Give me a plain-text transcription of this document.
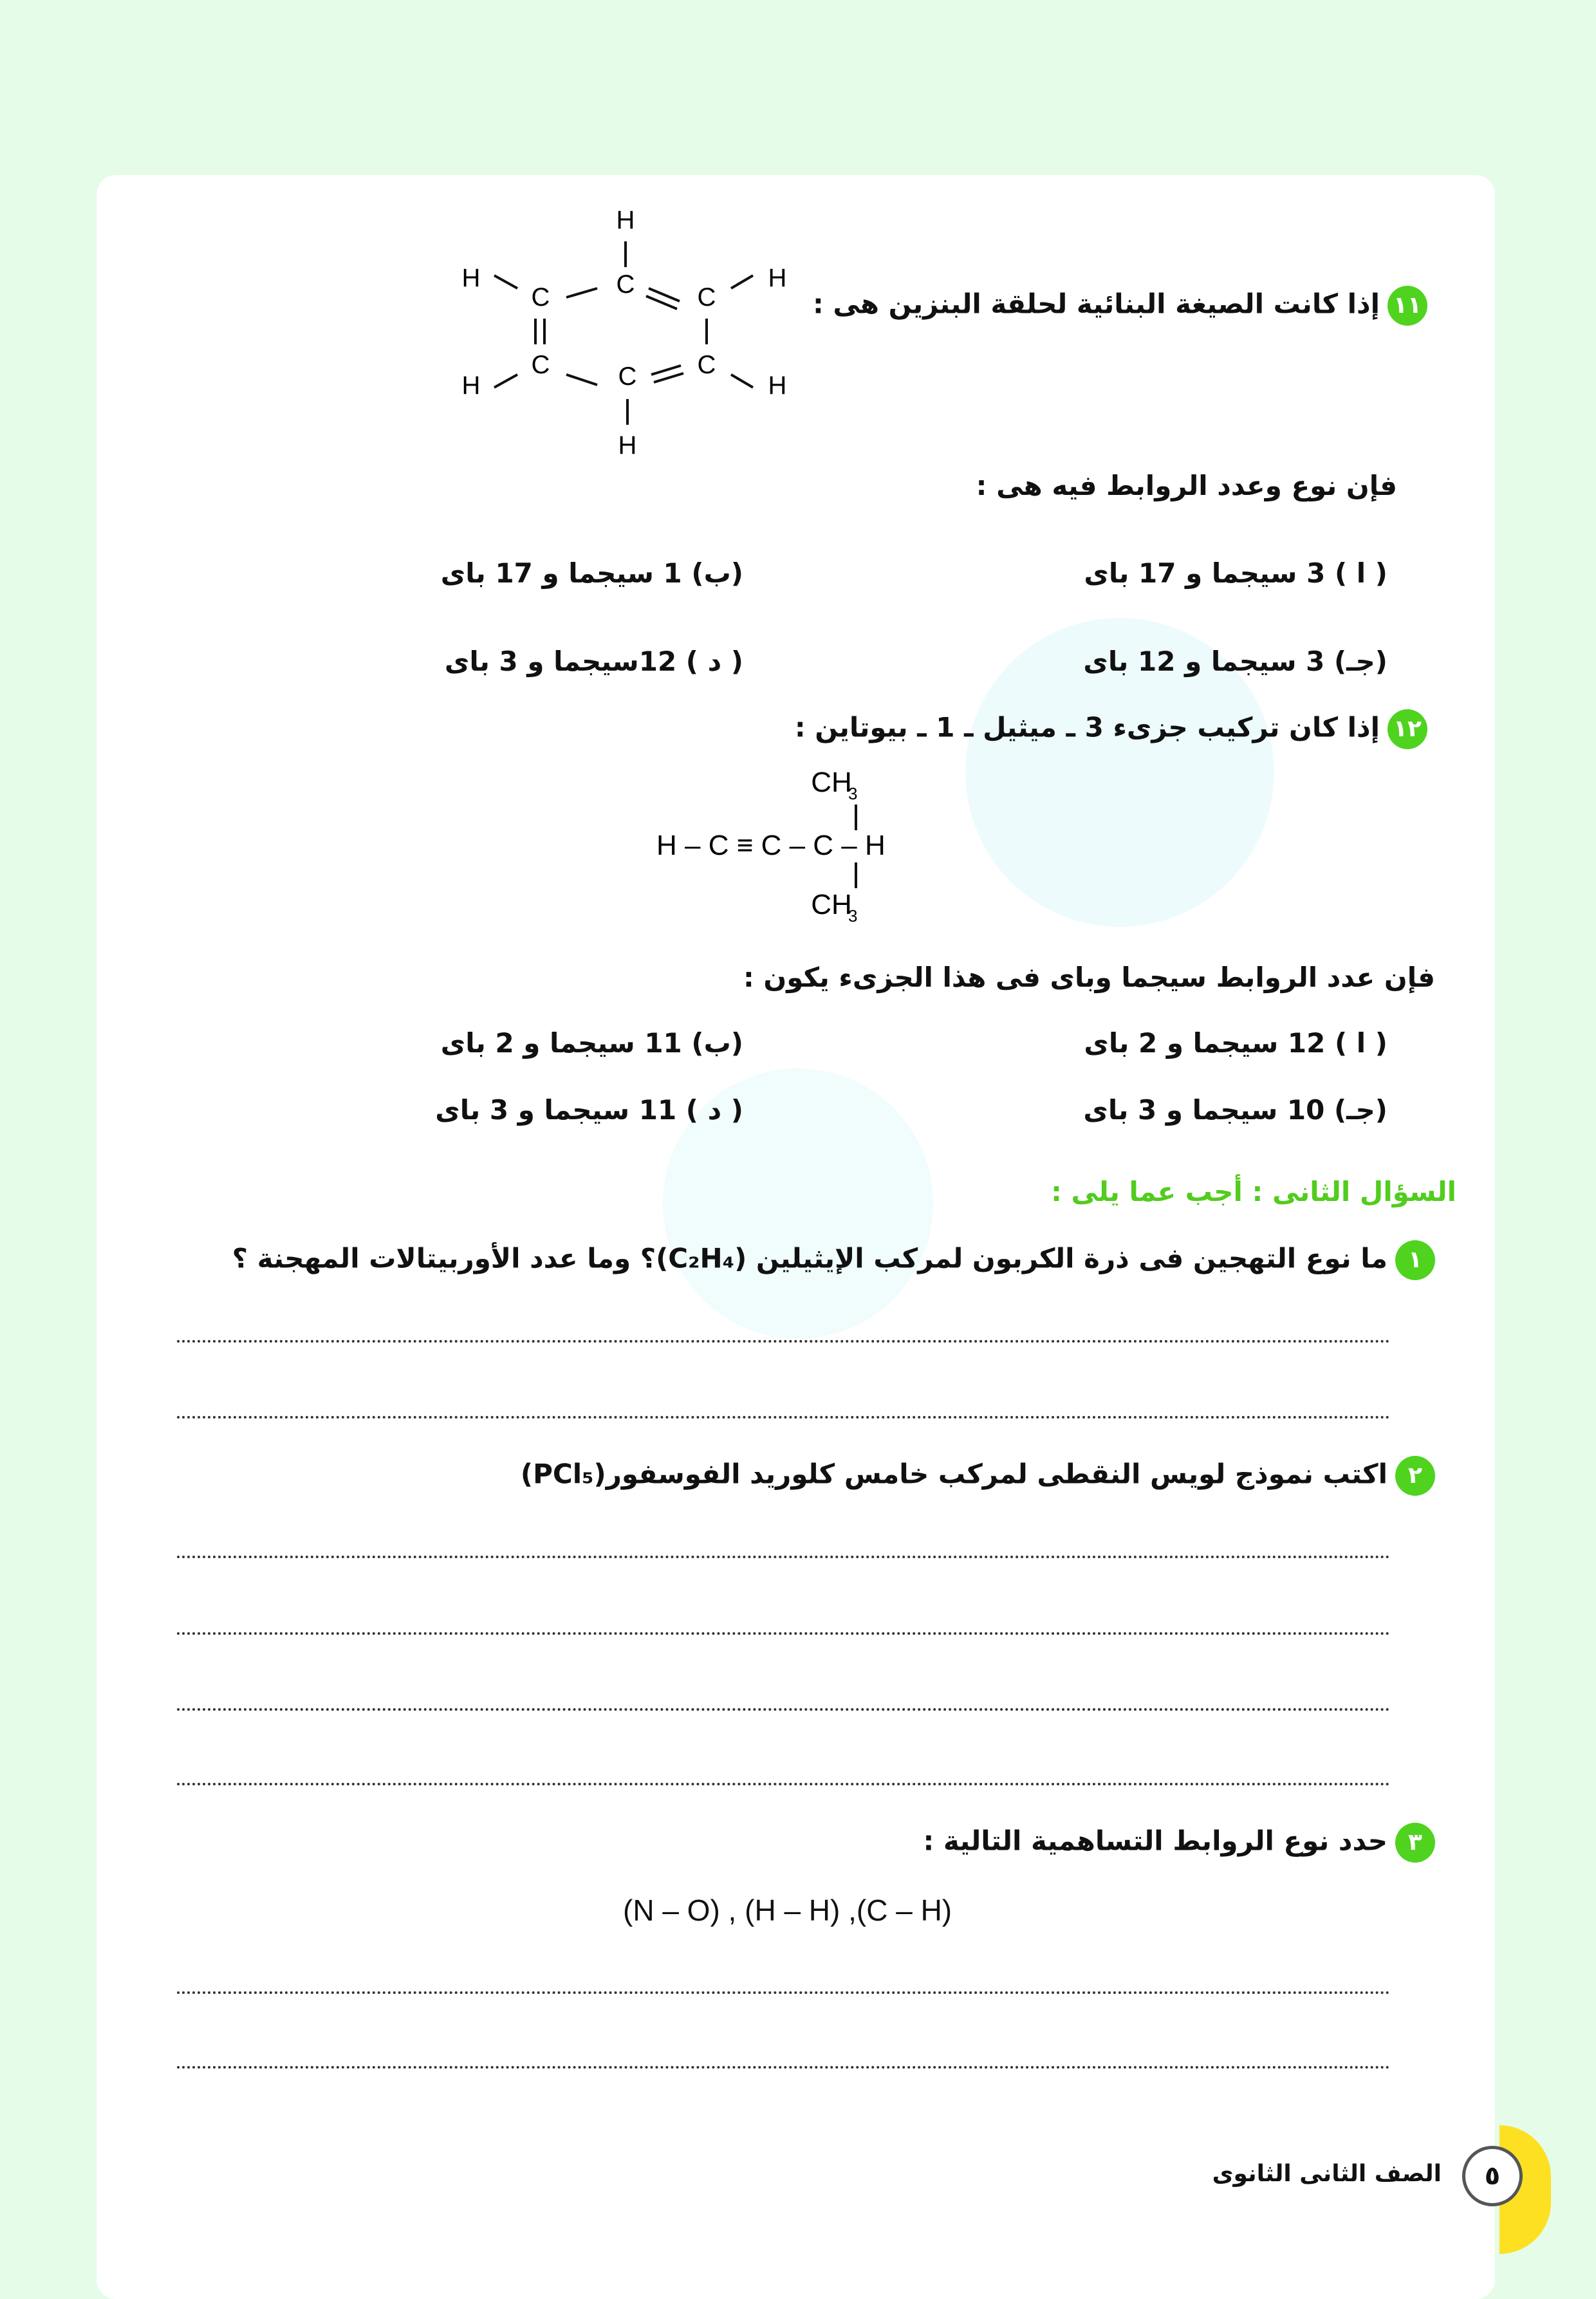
١١إذا كانت الصيغة البنائية لحلقة البنزين هى :
H
C
C	C
C	C
C
H
H	H
H	H
فإن نوع وعدد الروابط فيه هى :
( ا ) 3 سيجما و 17 باى
(ب) 1 سيجما و 17 باى
(جـ) 3 سيجما و 12 باى
( د ) 12سيجما و 3 باى
١٢إذا كان تركيب جزىء 3 ـ ميثيل ـ 1 ـ بيوتاين :
CH
3
H – C ≡ C – C – H
CH
3
فإن عدد الروابط سيجما وباى فى هذا الجزىء يكون :
( ا ) 12 سيجما و 2 باى
(ب) 11 سيجما و 2 باى
(جـ) 10 سيجما و 3 باى
( د ) 11 سيجما و 3 باى
السؤال الثانى : أجب عما يلى :
١ما نوع التهجين فى ذرة الكربون لمركب الإيثيلين (C₂H₄)؟ وما عدد الأوربيتالات المهجنة ؟
٢اكتب نموذج لويس النقطى لمركب خامس كلوريد الفوسفور(PCl₅)
٣حدد نوع الروابط التساهمية التالية :
(N – O) , (H – H) ,(C – H)
٥
الصف الثانى الثانوى
